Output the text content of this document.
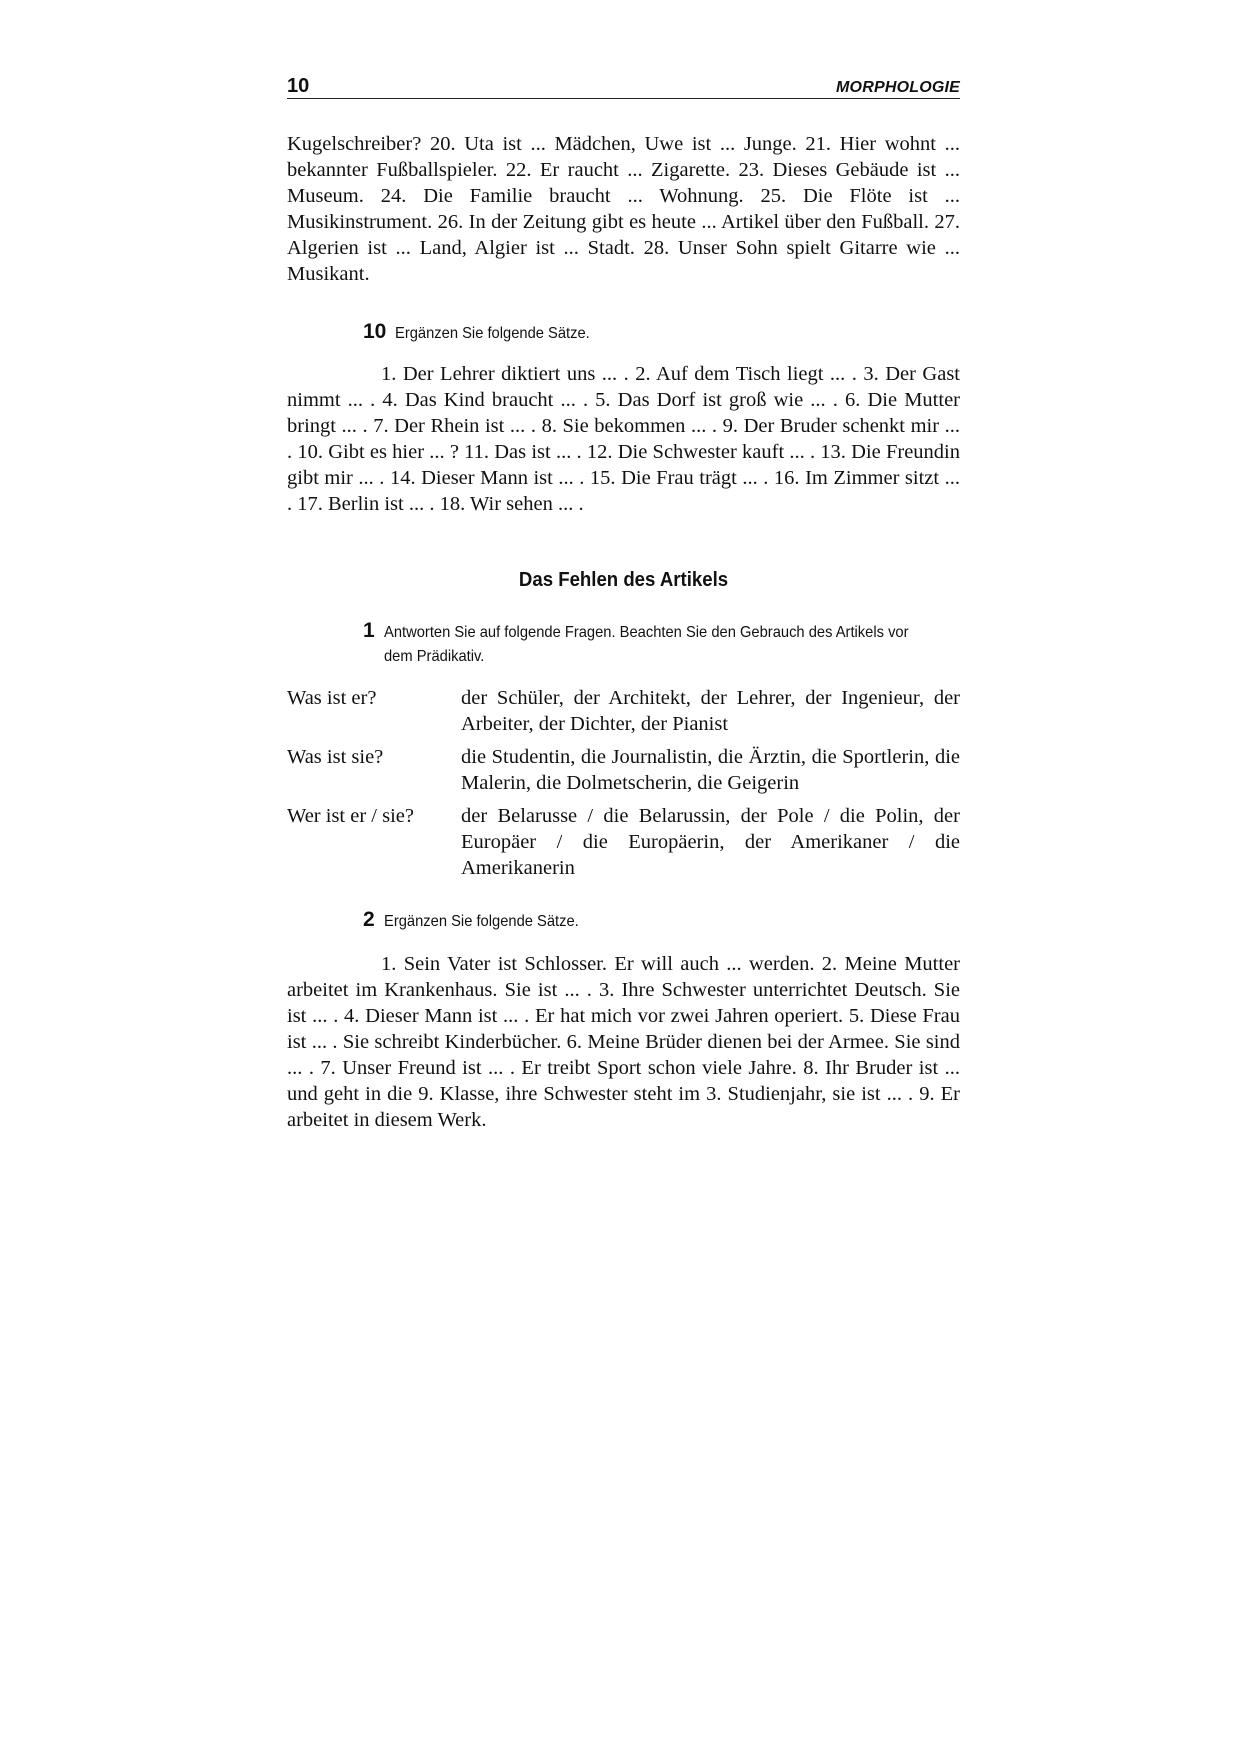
10	MORPHOLOGIE

Kugelschreiber? 20. Uta ist ... Mädchen, Uwe ist ... Junge. 21. Hier wohnt ... bekannter Fußballspieler. 22. Er raucht ... Zigarette. 23. Dieses Gebäude ist ... Museum. 24. Die Familie braucht ... Wohnung. 25. Die Flöte ist ... Musikinstrument. 26. In der Zeitung gibt es heute ... Artikel über den Fußball. 27. Algerien ist ... Land, Algier ist ... Stadt. 28. Unser Sohn spielt Gitarre wie ... Musikant.

10 Ergänzen Sie folgende Sätze.

1. Der Lehrer diktiert uns ... . 2. Auf dem Tisch liegt ... . 3. Der Gast nimmt ... . 4. Das Kind braucht ... . 5. Das Dorf ist groß wie ... . 6. Die Mutter bringt ... . 7. Der Rhein ist ... . 8. Sie bekommen ... . 9. Der Bruder schenkt mir ... . 10. Gibt es hier ... ? 11. Das ist ... . 12. Die Schwester kauft ... . 13. Die Freundin gibt mir ... . 14. Dieser Mann ist ... . 15. Die Frau trägt ... . 16. Im Zimmer sitzt ... . 17. Berlin ist ... . 18. Wir sehen ... .

Das Fehlen des Artikels
1 Antworten Sie auf folgende Fragen. Beachten Sie den Gebrauch des Artikels vor dem Prädikativ.
Was ist er?	der Schüler, der Architekt, der Lehrer, der Ingenieur, der Arbeiter, der Dichter, der Pianist
Was ist sie?	die Studentin, die Journalistin, die Ärztin, die Sportlerin, die Malerin, die Dolmetscherin, die Geigerin
Wer ist er / sie?	der Belarusse / die Belarussin, der Pole / die Polin, der Europäer / die Europäerin, der Amerikaner / die Amerikanerin
2 Ergänzen Sie folgende Sätze.

1. Sein Vater ist Schlosser. Er will auch ... werden. 2. Meine Mutter arbeitet im Krankenhaus. Sie ist ... . 3. Ihre Schwester unterrichtet Deutsch. Sie ist ... . 4. Dieser Mann ist ... . Er hat mich vor zwei Jahren operiert. 5. Diese Frau ist ... . Sie schreibt Kinderbücher. 6. Meine Brüder dienen bei der Armee. Sie sind ... . 7. Unser Freund ist ... . Er treibt Sport schon viele Jahre. 8. Ihr Bruder ist ... und geht in die 9. Klasse, ihre Schwester steht im 3. Studienjahr, sie ist ... . 9. Er arbeitet in diesem Werk.
